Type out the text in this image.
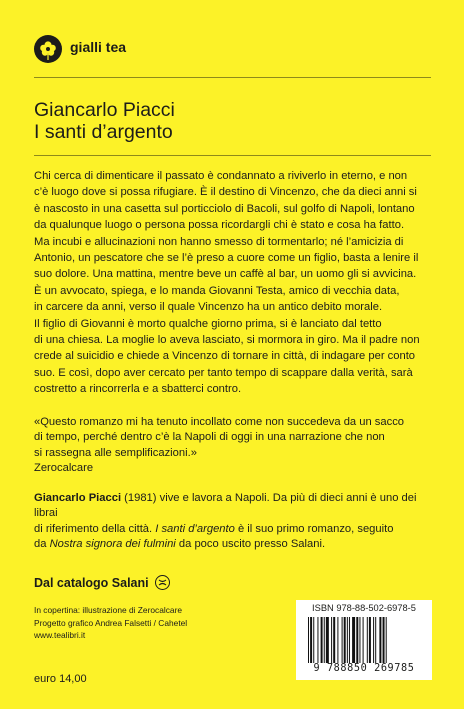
gialli tea
Giancarlo Piacci
I santi d’argento

Chi cerca di dimenticare il passato è condannato a riviverlo in eterno, e non

c’è luogo dove si possa rifugiare. È il destino di Vincenzo, che da dieci anni si

è nascosto in una casetta sul porticciolo di Bacoli, sul golfo di Napoli, lontano

da qualunque luogo o persona possa ricordargli chi è stato e cosa ha fatto.

Ma incubi e allucinazioni non hanno smesso di tormentarlo; né l’amicizia di

Antonio, un pescatore che se l’è preso a cuore come un figlio, basta a lenire il

suo dolore. Una mattina, mentre beve un caffè al bar, un uomo gli si avvicina.

È un avvocato, spiega, e lo manda Giovanni Testa, amico di vecchia data,

in carcere da anni, verso il quale Vincenzo ha un antico debito morale.

Il figlio di Giovanni è morto qualche giorno prima, si è lanciato dal tetto

di una chiesa. La moglie lo aveva lasciato, si mormora in giro. Ma il padre non

crede al suicidio e chiede a Vincenzo di tornare in città, di indagare per conto

suo. E così, dopo aver cercato per tanto tempo di scappare dalla verità, sarà

costretto a rincorrerla e a sbatterci contro.

«Questo romanzo mi ha tenuto incollato come non succedeva da un sacco

di tempo, perché dentro c’è la Napoli di oggi in una narrazione che non

si rassegna alle semplificazioni.»

Zerocalcare

Giancarlo Piacci (1981) vive e lavora a Napoli. Da più di dieci anni è uno dei librai

di riferimento della città. I santi d’argento è il suo primo romanzo, seguito

da Nostra signora dei fulmini da poco uscito presso Salani.

Dal catalogo Salani

In copertina: illustrazione di Zerocalcare

Progetto grafico Andrea Falsetti / Cahetel

www.tealibri.it

euro 14,00
ISBN 978-88-502-6978-5
9 788850 269785
